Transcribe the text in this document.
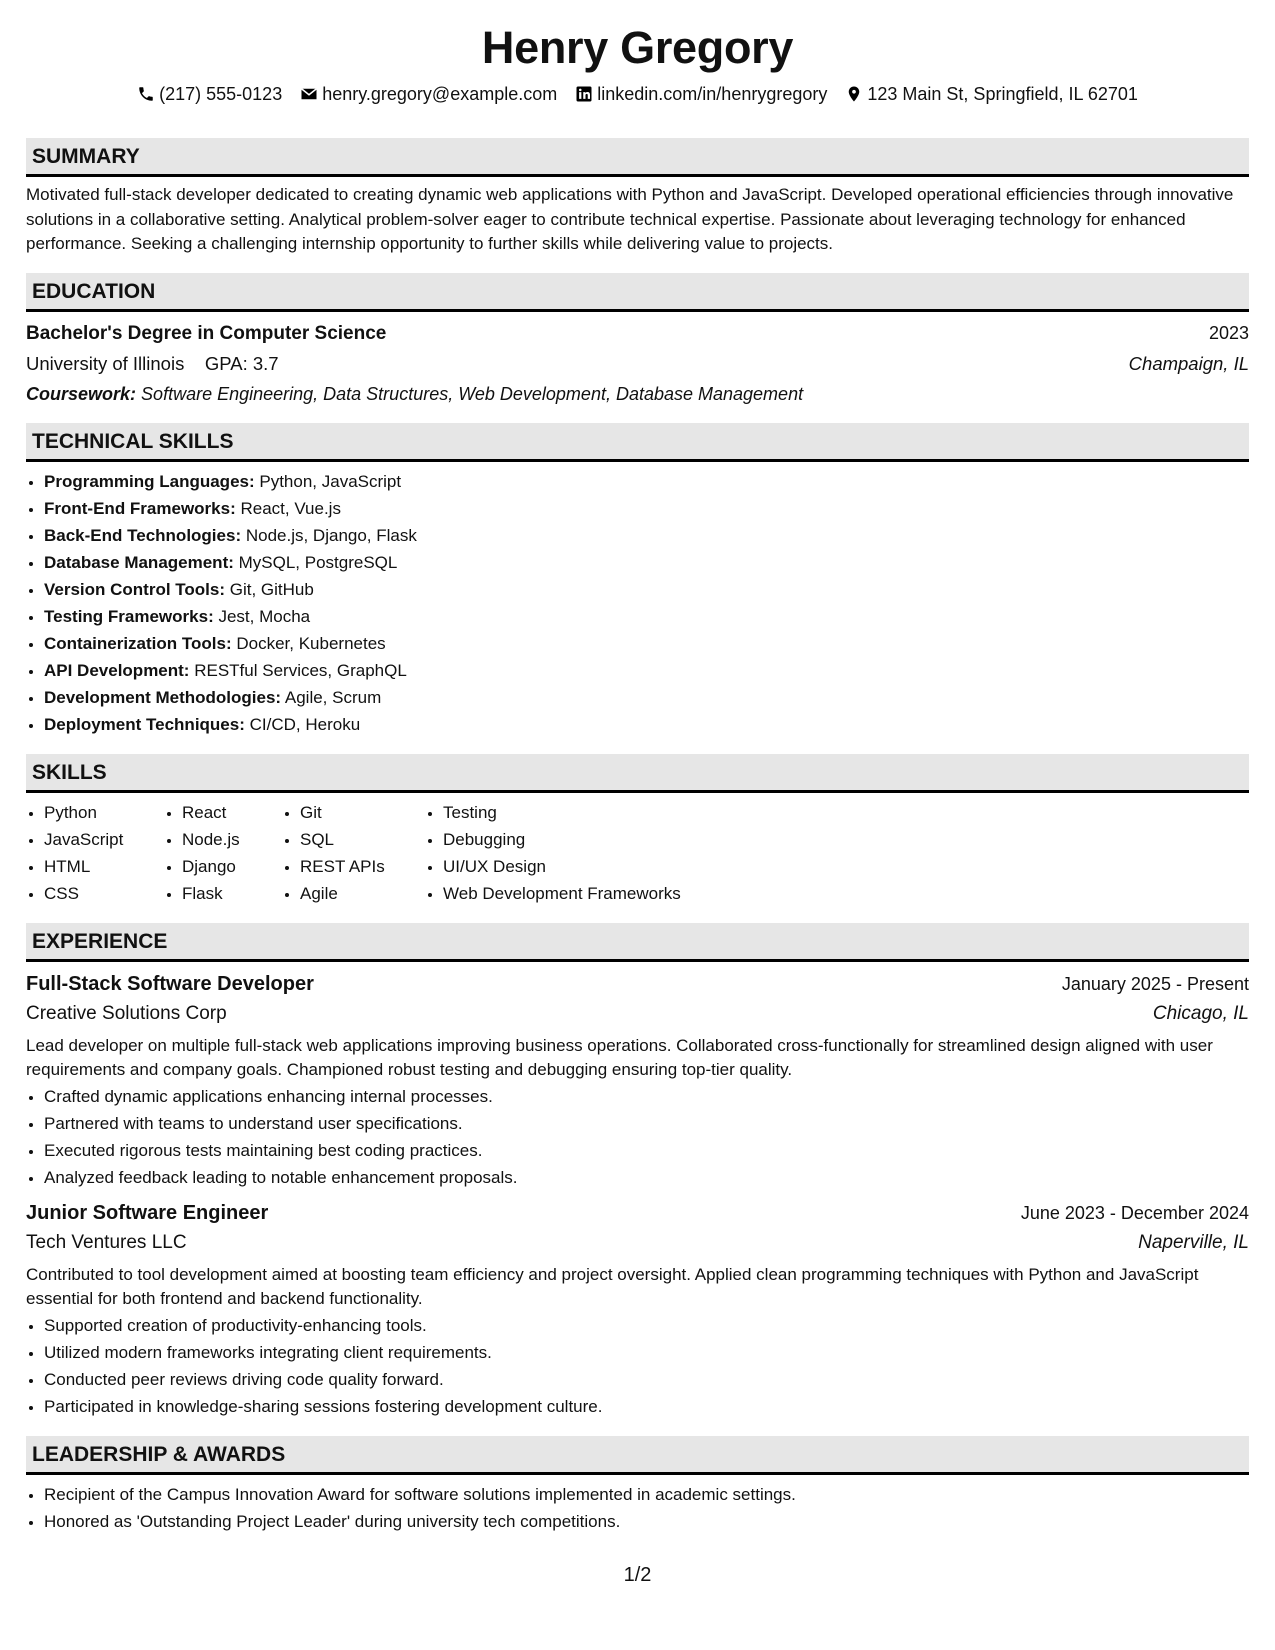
Henry Gregory
(217) 555-0123 henry.gregory@example.com linkedin.com/in/henrygregory 123 Main St, Springfield, IL 62701
SUMMARY

Motivated full-stack developer dedicated to creating dynamic web applications with Python and JavaScript. Developed operational efficiencies through innovative solutions in a collaborative setting. Analytical problem-solver eager to contribute technical expertise. Passionate about leveraging technology for enhanced performance. Seeking a challenging internship opportunity to further skills while delivering value to projects.

EDUCATION
Bachelor's Degree in Computer Science	2023
University of Illinois GPA: 3.7	Champaign, IL
Coursework: Software Engineering, Data Structures, Web Development, Database Management
TECHNICAL SKILLS
• Programming Languages: Python, JavaScript
• Front-End Frameworks: React, Vue.js
• Back-End Technologies: Node.js, Django, Flask
• Database Management: MySQL, PostgreSQL
• Version Control Tools: Git, GitHub
• Testing Frameworks: Jest, Mocha
• Containerization Tools: Docker, Kubernetes
• API Development: RESTful Services, GraphQL
• Development Methodologies: Agile, Scrum
• Deployment Techniques: CI/CD, Heroku
SKILLS
• Python
• JavaScript
• HTML
• CSS
• React
• Node.js
• Django
• Flask
• Git
• SQL
• REST APIs
• Agile
• Testing
• Debugging
• UI/UX Design
• Web Development Frameworks
EXPERIENCE
Full-Stack Software Developer	January 2025 - Present
Creative Solutions Corp	Chicago, IL
Lead developer on multiple full-stack web applications improving business operations. Collaborated cross-functionally for streamlined design aligned with user requirements and company goals. Championed robust testing and debugging ensuring top-tier quality.
• Crafted dynamic applications enhancing internal processes.
• Partnered with teams to understand user specifications.
• Executed rigorous tests maintaining best coding practices.
• Analyzed feedback leading to notable enhancement proposals.
Junior Software Engineer	June 2023 - December 2024
Tech Ventures LLC	Naperville, IL
Contributed to tool development aimed at boosting team efficiency and project oversight. Applied clean programming techniques with Python and JavaScript essential for both frontend and backend functionality.
• Supported creation of productivity-enhancing tools.
• Utilized modern frameworks integrating client requirements.
• Conducted peer reviews driving code quality forward.
• Participated in knowledge-sharing sessions fostering development culture.
LEADERSHIP & AWARDS
• Recipient of the Campus Innovation Award for software solutions implemented in academic settings.
• Honored as 'Outstanding Project Leader' during university tech competitions.
1/2
